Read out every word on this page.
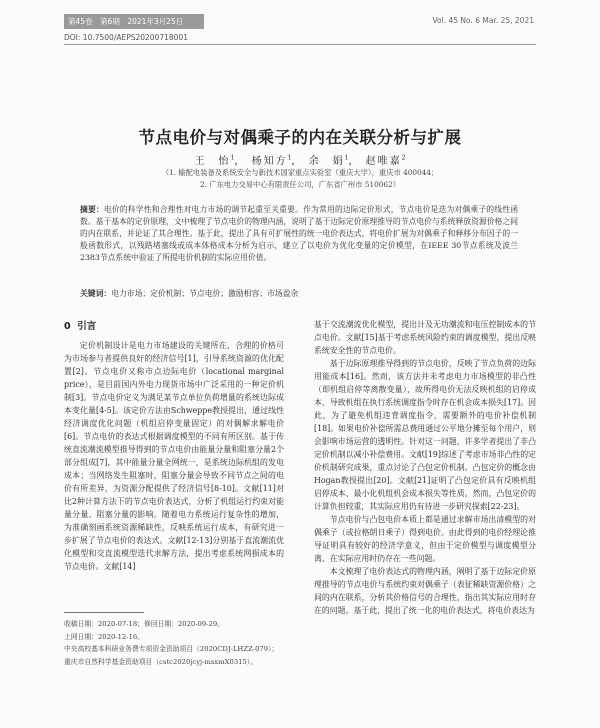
第45卷　第6期　2021年3月25日	Vol. 45 No. 6 Mar. 25, 2021
DOI: 10.7500/AEPS20200718001
节点电价与对偶乘子的内在关联分析与扩展
王　怡$^1$， 杨知方$^1$， 余　娟$^1$， 赵唯嘉$^2$
（1. 输配电装备及系统安全与新技术国家重点实验室（重庆大学），重庆市 400044；
2. 广东电力交易中心有限责任公司，广东省广州市 510062）
摘要：电价的科学性和合理性对电力市场的调节起重至关重要。作为常用的边际定价形式，节点电价是迭为对偶乘子的线性函数。基于基本的定价原理，文中梳理了节点电价的物理内涵，说明了基于边际定价原理推导的节点电价与系统释放资源价格之间的内在联系，并论证了其合理性。基于此，提出了具有可扩展性的统一电价表达式，将电价扩展为对偶乘子和释移分布因子的一般函数形式，以残路堵塞线或成本体格成本分析为启示，建立了以电价为优化变量的定价模型，在IEEE 30节点系统及波兰2383节点系统中验证了所提电价机制的实际应用价值。
关键词：电力市场；定价机制；节点电价；激励相容；市场盈余
0 引言

定价机制设计是电力市场建设的关键所在，合理的价格可为市场参与者提供良好的经济信号[1]，引导系统资源的优化配置[2]。节点电价又称市点边际电价（locational marginal price），是目前国内外电力现货市场中广泛采用的一种定价机制[3]。节点电价定义为满足某节点单位负荷增量的系统边际成本变化量[4-5]。该定价方法由Schweppe教授提出，通过线性经济调度优化问题（机组启停变量固定）的对偶解求解电价[6]。节点电价的表达式根据调度模型的不同有所区别。基于传统直流潮流模型推导得到的节点电价由能量分量和阻塞分量2个部分组成[7]，其中能量分量全网统一，是系统边际机组的发电成本；当网络发生阻塞时，阻塞分量会导致不同节点之间的电价有所差异，为资源分配提供了经济信号[8-10]。文献[11]对比2种计算方法下的节点电价表达式，分析了机组运行约束对能量分量、阻塞分量的影响。随着电力系统运行复杂性的增加，为准确刻画系统资源稀缺性，反映系统运行成本，有研究进一步扩展了节点电价的表达式。文献[12-13]分别基于直流潮流优化模型和交直流模型迭代求解方法，提出考虑系统网损成本的节点电价。文献[14]

基于交流潮流优化模型，提出计及无功潮流和电压控制成本的节点电价。文献[15]基于考虑系统风险约束的调度模型，提出反映系统安全性的节点电价。

基于边际原理推导得到的节点电价，反映了节点负荷的边际用能成本[16]。然而，该方法并未考虑电力市场模型的非凸性（即机组启停等离散变量），故所得电价无法反映机组的启停成本，导致机组在执行系统调度指令时存在机会成本损失[17]。因此，为了避免机组违背调度指令，需要额外的电价补偿机制[18]。如果电价补偿所需总费用通过公平地分摊至每个用户，则会影响市场运营的透明性。针对这一问题，许多学者提出了非凸定价机制以减小补偿费用。文献[19]综述了考虑市场非凸性的定价机制研究成果，重点讨论了凸包定价机制。凸包定价的概念由Hogan教授提出[20]。文献[21]证明了凸包定价具有反映机组启停成本、最小化机组机会成本损失等性质。然而，凸包定价的计算负担较重，其实际应用仍有待进一步研究探索[22-23]。

节点电价与凸包电价本质上都是通过求解市场出清模型的对偶乘子（或拉格朗日乘子）得到电价。由此得到的电价经理论推导证明具有较好的经济学意义，但由于定价模型与调度模型分离，在实际应用时仍存在一些问题。

本文梳理了电价表达式的物理内涵，阐明了基于边际定价原理推导的节点电价与系统约束对偶乘子（表征稀缺资源价格）之间的内在联系，分析其价格信号的合理性，指出其实际应用时存在的问题。基于此，提出了统一化的电价表达式，将电价表达为

收稿日期：2020-07-18；修回日期：2020-09-29。
上网日期：2020-12-16。
中央高校基本科研业务费专项资金资助项目（2020CDJ-LHZZ-079）；重庆市自然科学基金资助项目（cstc2020jcyj-msxmX0315）。
